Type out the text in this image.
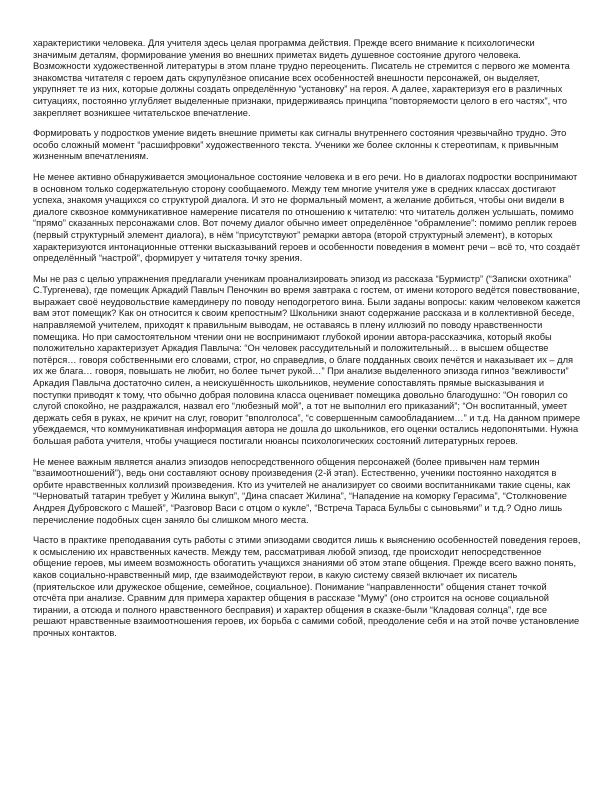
характеристики человека. Для учителя здесь целая программа действия. Прежде всего внимание к психологически значимым деталям, формирование умения во внешних приметах видеть душевное состояние другого человека. Возможности художественной литературы в этом плане трудно переоценить. Писатель не стремится с первого же момента знакомства читателя с героем дать скрупулёзное описание всех особенностей внешности персонажей, он выделяет, укрупняет те из них, которые должны создать определённую “установку” на героя. А далее, характеризуя его в различных ситуациях, постоянно углубляет выделенные признаки, придерживаясь принципа “повторяемости целого в его частях”, что закрепляет возникшее читательское впечатление.

Формировать у подростков умение видеть внешние приметы как сигналы внутреннего состояния чрезвычайно трудно. Это особо сложный момент “расшифровки” художественного текста. Ученики же более склонны к стереотипам, к привычным жизненным впечатлениям.

Не менее активно обнаруживается эмоциональное состояние человека и в его речи. Но в диалогах подростки воспринимают в основном только содержательную сторону сообщаемого. Между тем многие учителя уже в средних классах достигают успеха, знакомя учащихся со структурой диалога. И это не формальный момент, а желание добиться, чтобы они видели в диалоге сквозное коммуникативное намерение писателя по отношению к читателю: что читатель должен услышать, помимо “прямо” сказанных персонажами слов. Вот почему диалог обычно имеет определённое “обрамление”: помимо реплик героев (первый структурный элемент диалога), в нём “присутствуют” ремарки автора (второй структурный элемент), в которых характеризуются интонационные оттенки высказываний героев и особенности поведения в момент речи – всё то, что создаёт определённый “настрой”, формирует у читателя точку зрения.

Мы не раз с целью упражнения предлагали ученикам проанализировать эпизод из рассказа “Бурмистр” (“Записки охотника” С.Тургенева), где помещик Аркадий Павлыч Пеночкин во время завтрака с гостем, от имени которого ведётся повествование, выражает своё неудовольствие камердинеру по поводу неподогретого вина. Были заданы вопросы: каким человеком кажется вам этот помещик? Как он относится к своим крепостным? Школьники знают содержание рассказа и в коллективной беседе, направляемой учителем, приходят к правильным выводам, не оставаясь в плену иллюзий по поводу нравственности помещика. Но при самостоятельном чтении они не воспринимают глубокой иронии автора-рассказчика, который якобы положительно характеризует Аркадия Павлыча: “Он человек рассудительный и положительный… в высшем обществе потёрся… говоря собственными его словами, строг, но справедлив, о благе подданных своих печётся и наказывает их – для их же блага… говоря, повышать не любит, но более тычет рукой…” При анализе выделенного эпизода гипноз “вежливости” Аркадия Павлыча достаточно силен, а неискушённость школьников, неумение сопоставлять прямые высказывания и поступки приводят к тому, что обычно добрая половина класса оценивает помещика довольно благодушно: “Он говорил со слугой спокойно, не раздражался, назвал его “любезный мой”, а тот не выполнил его приказаний”; “Он воспитанный, умеет держать себя в руках, не кричит на слуг, говорит “вполголоса”, “с совершенным самообладанием…” и т.д. На данном примере убеждаемся, что коммуникативная информация автора не дошла до школьников, его оценки остались недопонятыми. Нужна большая работа учителя, чтобы учащиеся постигали нюансы психологических состояний литературных героев.

Не менее важным является анализ эпизодов непосредственного общения персонажей (более привычен нам термин “взаимоотношений”), ведь они составляют основу произведения (2-й этап). Естественно, ученики постоянно находятся в орбите нравственных коллизий произведения. Кто из учителей не анализирует со своими воспитанниками такие сцены, как “Черноватый татарин требует у Жилина выкуп”, “Дина спасает Жилина”, “Нападение на коморку Герасима”, “Столкновение Андрея Дубровского с Машей”, “Разговор Васи с отцом о кукле”, “Встреча Тараса Бульбы с сыновьями” и т.д.? Одно лишь перечисление подобных сцен заняло бы слишком много места.

Часто в практике преподавания суть работы с этими эпизодами сводится лишь к выяснению особенностей поведения героев, к осмыслению их нравственных качеств. Между тем, рассматривая любой эпизод, где происходит непосредственное общение героев, мы имеем возможность обогатить учащихся знаниями об этом этапе общения. Прежде всего важно понять, каков социально-нравственный мир, где взаимодействуют герои, в какую систему связей включает их писатель (приятельское или дружеское общение, семейное, социальное). Понимание “направленности” общения станет точкой отсчёта при анализе. Сравним для примера характер общения в рассказе “Муму” (оно строится на основе социальной тирании, а отсюда и полного нравственного бесправия) и характер общения в сказке-были “Кладовая солнца”, где все решают нравственные взаимоотношения героев, их борьба с самими собой, преодоление себя и на этой почве установление прочных контактов.
